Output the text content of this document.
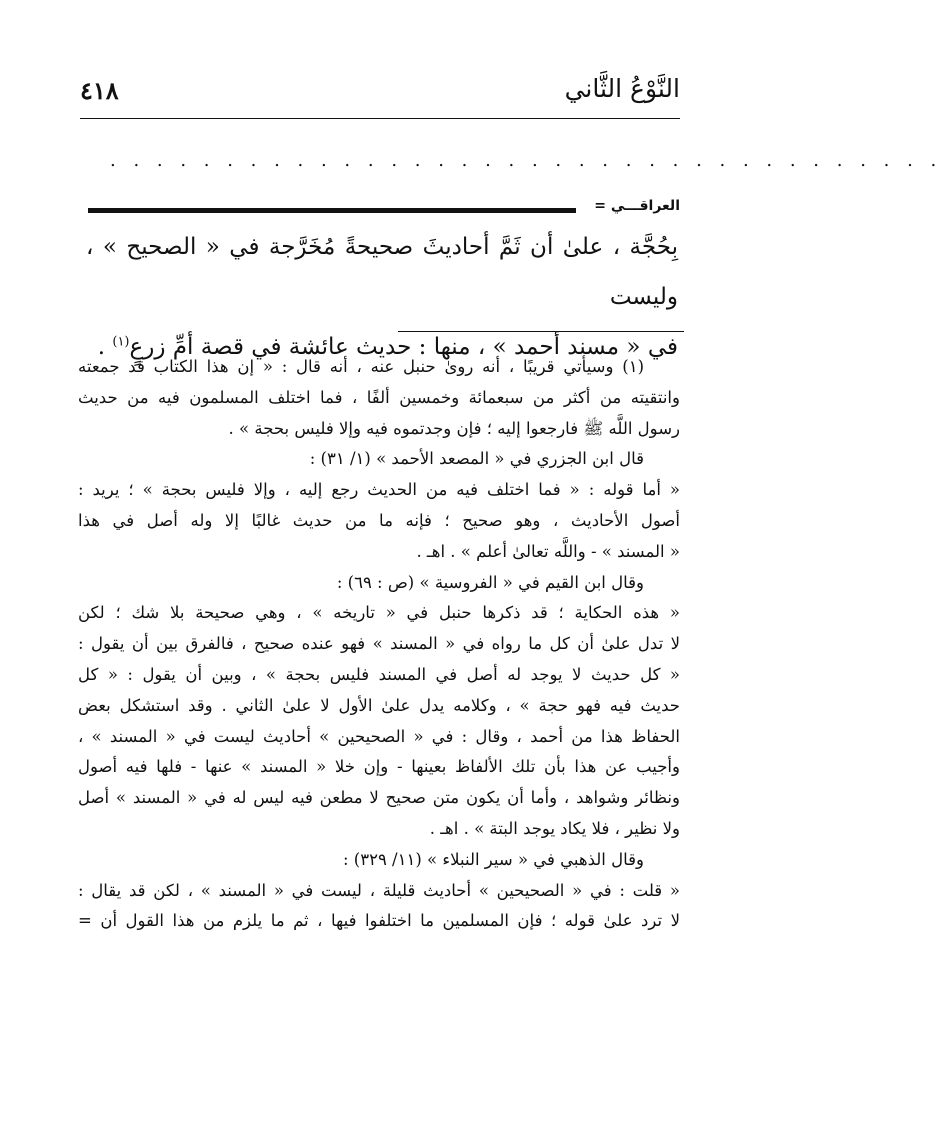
النَّوْعُ الثَّاني
٤١٨
. . . . . . . . . . . . . . . . . . . . . . . . . . . . . . . . . . . .
العراقـــي =

بِحُجَّة ، علىٰ أن ثَمَّ أحاديثَ صحيحةً مُخَرَّجة في « الصحيح » ، وليست

في « مسند أحمد » ، منها : حديث عائشة في قصة أمِّ زرعٍ$^{(١)}$ .

(١) وسيأتي قريبًا ، أنه روىٰ حنبل عنه ، أنه قال : « إن هذا الكتاب قد جمعته
وانتقيته من أكثر من سبعمائة وخمسين ألفًا ، فما اختلف المسلمون فيه من حديث
رسول اللَّه ﷺ فارجعوا إليه ؛ فإن وجدتموه فيه وإلا فليس بحجة » .
قال ابن الجزري في « المصعد الأحمد » (١/ ٣١) :
« أما قوله : « فما اختلف فيه من الحديث رجع إليه ، وإلا فليس بحجة » ؛ يريد :
أصول الأحاديث ، وهو صحيح ؛ فإنه ما من حديث غالبًا إلا وله أصل في هذا
« المسند » - واللَّه تعالىٰ أعلم » . اهـ .
وقال ابن القيم في « الفروسية » (ص : ٦٩) :
« هذه الحكاية ؛ قد ذكرها حنبل في « تاريخه » ، وهي صحيحة بلا شك ؛ لكن
لا تدل علىٰ أن كل ما رواه في « المسند » فهو عنده صحيح ، فالفرق بين أن يقول :
« كل حديث لا يوجد له أصل في المسند فليس بحجة » ، وبين أن يقول : « كل
حديث فيه فهو حجة » ، وكلامه يدل علىٰ الأول لا علىٰ الثاني . وقد استشكل بعض
الحفاظ هذا من أحمد ، وقال : في « الصحيحين » أحاديث ليست في « المسند » ،
وأجيب عن هذا بأن تلك الألفاظ بعينها - وإن خلا « المسند » عنها - فلها فيه أصول
ونظائر وشواهد ، وأما أن يكون متن صحيح لا مطعن فيه ليس له في « المسند » أصل
ولا نظير ، فلا يكاد يوجد البتة » . اهـ .
وقال الذهبي في « سير النبلاء » (١١/ ٣٢٩) :
« قلت : في « الصحيحين » أحاديث قليلة ، ليست في « المسند » ، لكن قد يقال :
لا ترد علىٰ قوله ؛ فإن المسلمين ما اختلفوا فيها ، ثم ما يلزم من هذا القول أن =
